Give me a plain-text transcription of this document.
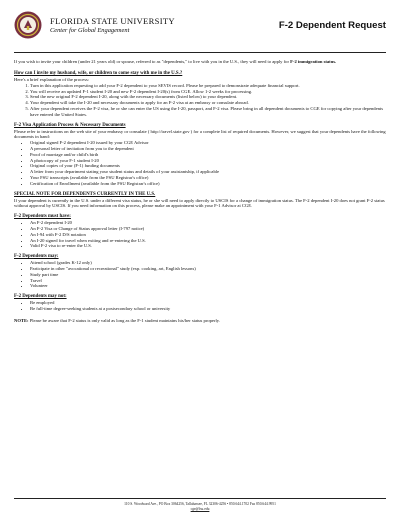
FLORIDA STATE UNIVERSITY
Center for Global Engagement	F-2 Dependent Request

If you wish to invite your children (under 21 years old) or spouse, referred to as "dependents," to live with you in the U.S., they will need to apply for F-2 immigration status.

How can I invite my husband, wife, or children to come stay with me in the U.S.?

Here's a brief explanation of the process:

1. Turn in this application requesting to add your F-2 dependent to your SEVIS record. Please be prepared to demonstrate adequate financial support.
2. You will receive an updated F-1 student I-20 and new F-2 dependent I-20(s) from CGE. Allow 1-2 weeks for processing.
3. Send the new original F-2 dependent I-20, along with the necessary documents (listed below) to your dependent.
4. Your dependent will take the I-20 and necessary documents to apply for an F-2 visa at an embassy or consulate abroad.
5. After your dependent receives the F-2 visa, he or she can enter the US using the I-20, passport, and F-2 visa. Please bring in all dependent documents to CGE for copying after your dependents have entered the United States.

F-2 Visa Application Process & Necessary Documents

Please refer to instructions on the web site of your embassy or consulate ( http://travel.state.gov ) for a complete list of required documents. However, we suggest that your dependents have the following documents in hand:

• Original signed F-2 dependent I-20 issued by your CGE Advisor
• A personal letter of invitation from you to the dependent
• Proof of marriage and/or child's birth
• A photocopy of your F-1 student I-20
• Original copies of your (F-1) funding documents
• A letter from your department stating your student status and details of your assistantship, if applicable
• Your FSU transcripts (available from the FSU Registrar's office)
• Certification of Enrollment (available from the FSU Registrar's office)

SPECIAL NOTE FOR DEPENDENTS CURRENTLY IN THE U.S.

If your dependent is currently in the U.S. under a different visa status, he or she will need to apply directly to USCIS for a change of immigration status. The F-2 dependent I-20 does not grant F-2 status without approval by USCIS. If you need information on this process, please make an appointment with your F-1 Advisor at CGE.

F-2 Dependents must have:

• An F-2 dependent I-20
• An F-2 Visa or Change of Status approval letter (I-797 notice)
• An I-94 with F-2 D/S notation
• An I-20 signed for travel when exiting and re-entering the U.S.
• Valid F-2 visa to re-enter the U.S.

F-2 Dependents may:

• Attend school (grades K-12 only)
• Participate in other "avocational or recreational" study (exp. cooking, art, English lessons)
• Study part time
• Travel
• Volunteer

F-2 Dependents may not:

• Be employed
• Be full-time degree-seeking students at a postsecondary school or university

NOTE: Please be aware that F-2 status is only valid as long as the F-1 student maintains his/her status properly.

110 S. Woodward Ave., PO Box 3064256, Tallahassee, FL 32306-4256 • 850.644.1702 Fax 850.644.9951
cge@fsu.edu
